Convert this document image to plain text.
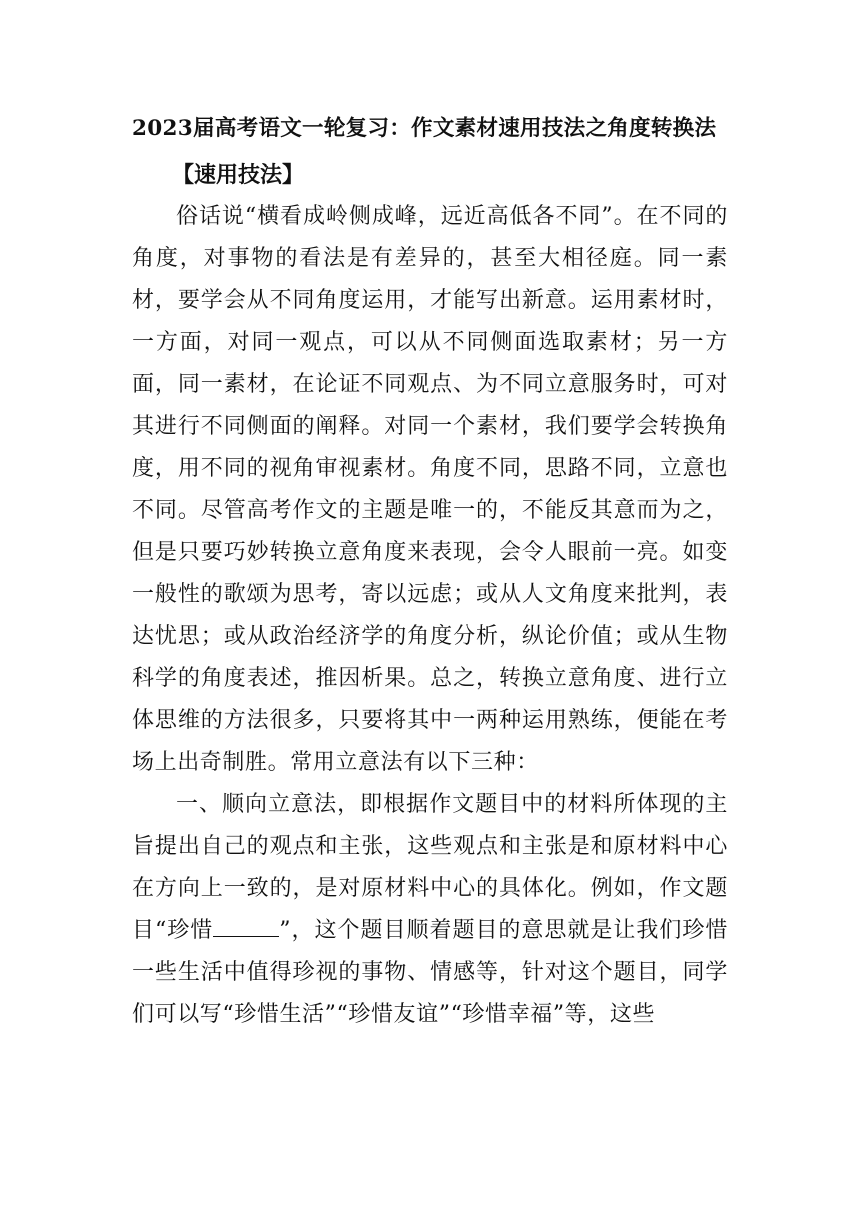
2023届高考语文一轮复习：作文素材速用技法之角度转换法
【速用技法】

俗话说“横看成岭侧成峰，远近高低各不同”。在不同的角度，对事物的看法是有差异的，甚至大相径庭。同一素材，要学会从不同角度运用，才能写出新意。运用素材时，一方面，对同一观点，可以从不同侧面选取素材；另一方面，同一素材，在论证不同观点、为不同立意服务时，可对其进行不同侧面的阐释。对同一个素材，我们要学会转换角度，用不同的视角审视素材。角度不同，思路不同，立意也不同。尽管高考作文的主题是唯一的，不能反其意而为之，但是只要巧妙转换立意角度来表现，会令人眼前一亮。如变一般性的歌颂为思考，寄以远虑；或从人文角度来批判，表达忧思；或从政治经济学的角度分析，纵论价值；或从生物科学的角度表述，推因析果。总之，转换立意角度、进行立体思维的方法很多，只要将其中一两种运用熟练，便能在考场上出奇制胜。常用立意法有以下三种：

一、顺向立意法，即根据作文题目中的材料所体现的主旨提出自己的观点和主张，这些观点和主张是和原材料中心在方向上一致的，是对原材料中心的具体化。例如，作文题目“珍惜	”，这个题目顺着题目的意思就是让我们珍惜一些生活中值得珍视的事物、情感等，针对这个题目，同学们可以写“珍惜生活”“珍惜友谊”“珍惜幸福”等，这些
